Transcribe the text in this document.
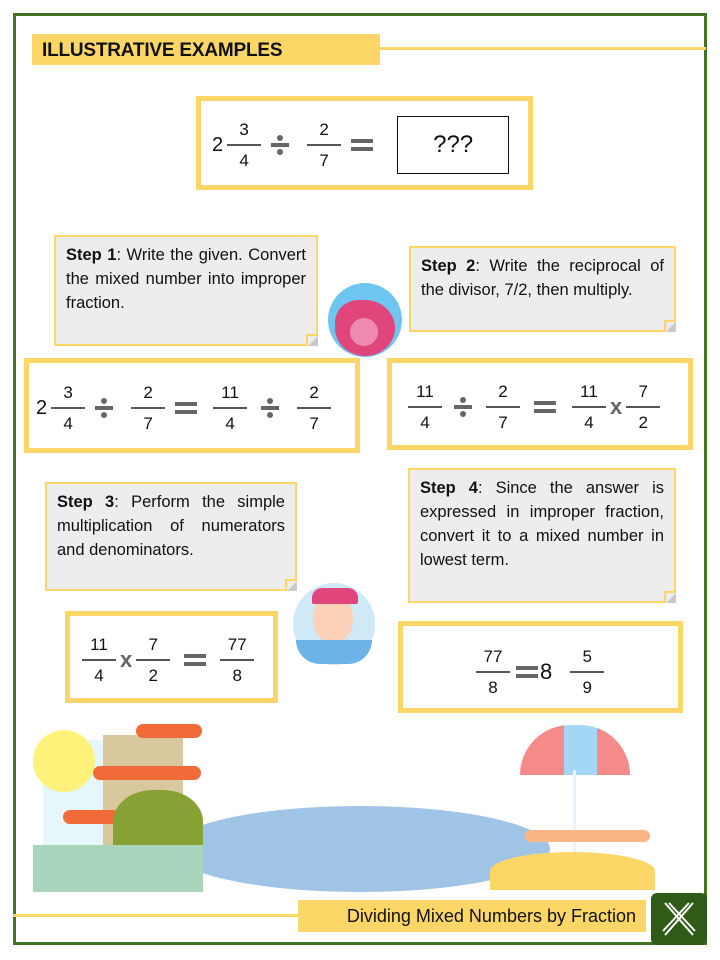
ILLUSTRATIVE EXAMPLES
$2 \frac{3}{4}$	$\frac{2}{7}$	???
Step 1: Write the given. Convert the mixed number into improper fraction.
Step 2: Write the reciprocal of the divisor, 7/2, then multiply.
$2 \frac{3}{4}$	$\frac{2}{7}$	$\frac{11}{4}$	$\frac{2}{7}$	$\frac{11}{4}$	$\frac{2}{7}$	$\frac{11}{4}$ x $\frac{7}{2}$
Step 3: Perform the simple multiplication of numerators and denominators.
Step 4: Since the answer is expressed in improper fraction, convert it to a mixed number in lowest term.
$\frac{11}{4}$ x $\frac{7}{2}$	$\frac{77}{8}$	$\frac{77}{8} 8 \frac{5}{9}$
Dividing Mixed Numbers by Fraction
